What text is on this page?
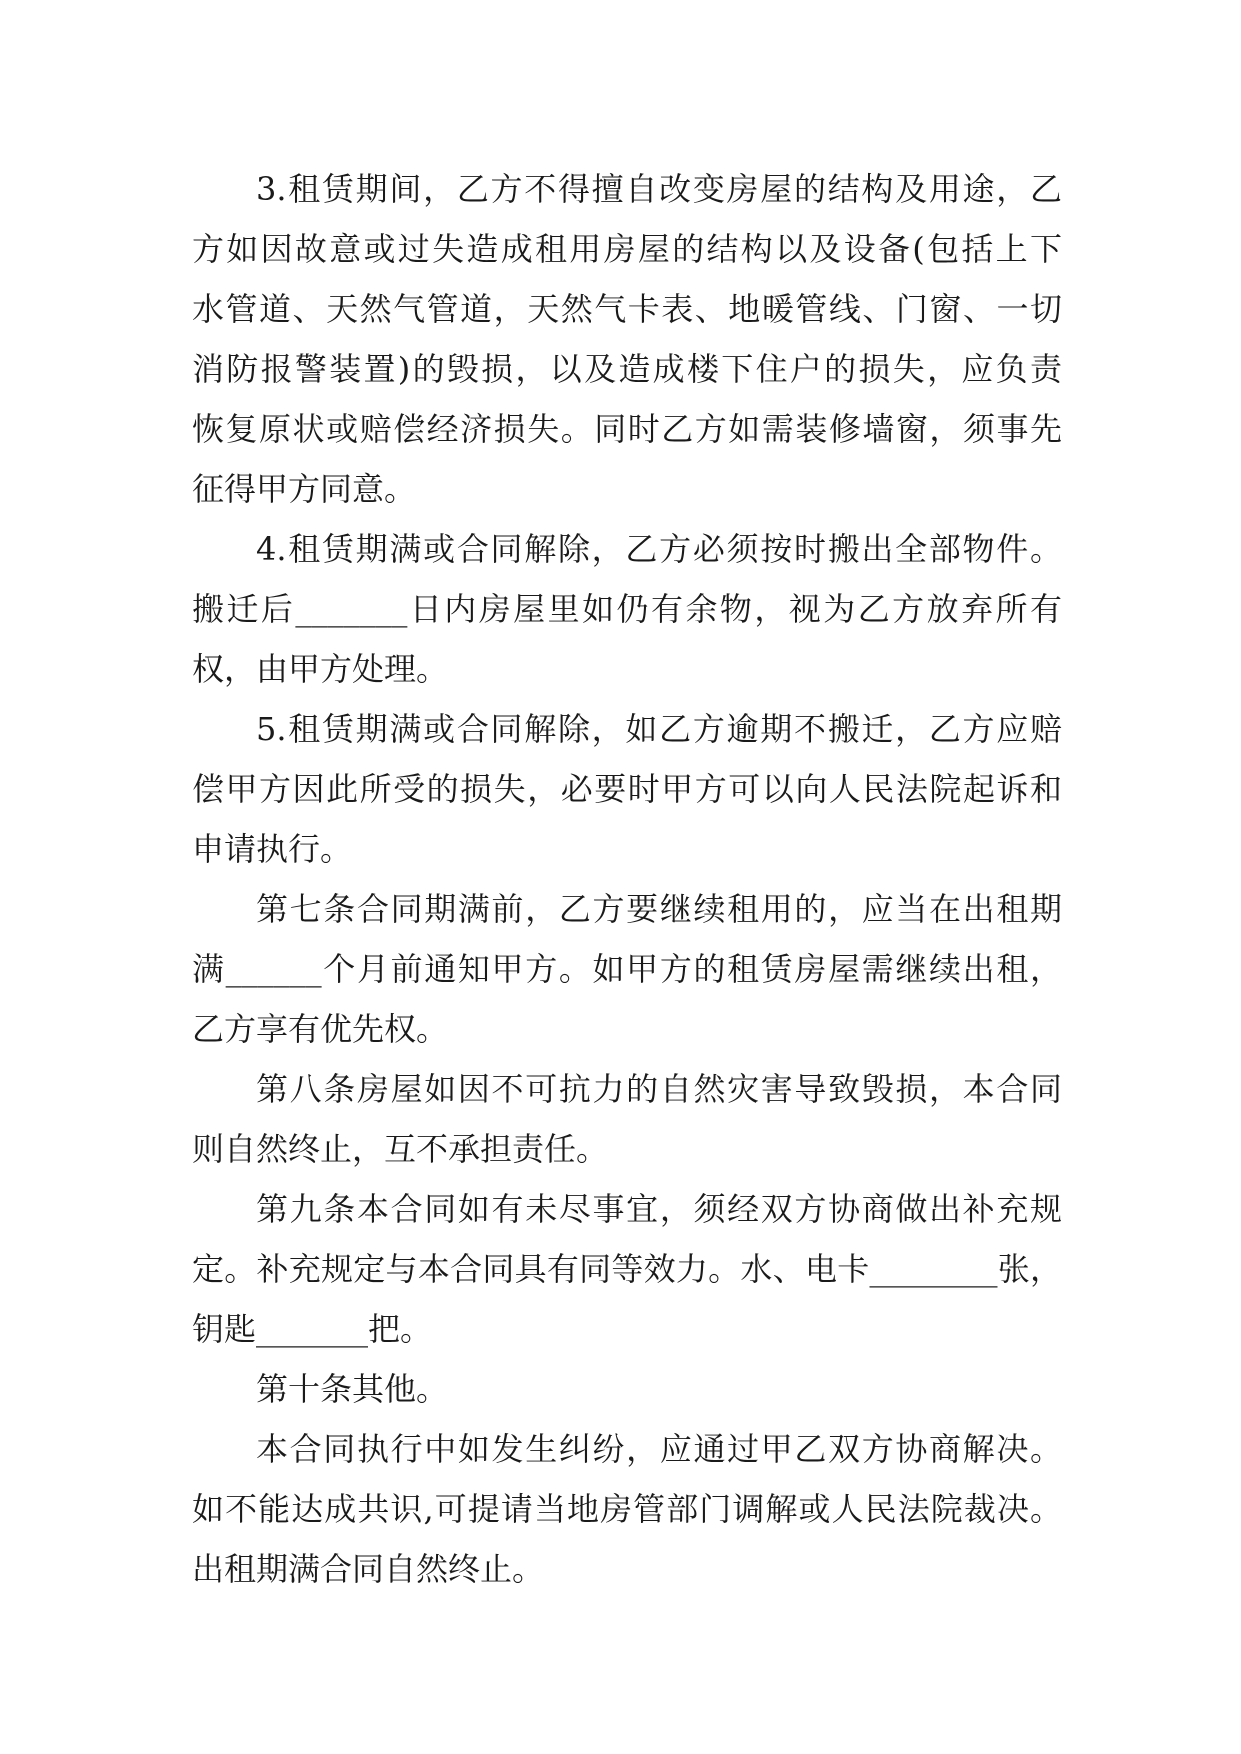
3.租赁期间，乙方不得擅自改变房屋的结构及用途，乙
方如因故意或过失造成租用房屋的结构以及设备(包括上下
水管道、天然气管道，天然气卡表、地暖管线、门窗、一切
消防报警装置)的毁损，以及造成楼下住户的损失，应负责
恢复原状或赔偿经济损失。同时乙方如需装修墙窗，须事先
征得甲方同意。
4.租赁期满或合同解除，乙方必须按时搬出全部物件。
搬迁后_______日内房屋里如仍有余物，视为乙方放弃所有
权，由甲方处理。
5.租赁期满或合同解除，如乙方逾期不搬迁，乙方应赔
偿甲方因此所受的损失，必要时甲方可以向人民法院起诉和
申请执行。
第七条合同期满前，乙方要继续租用的，应当在出租期
满______个月前通知甲方。如甲方的租赁房屋需继续出租，
乙方享有优先权。
第八条房屋如因不可抗力的自然灾害导致毁损，本合同
则自然终止，互不承担责任。
第九条本合同如有未尽事宜，须经双方协商做出补充规
定。补充规定与本合同具有同等效力。水、电卡________张，
钥匙_______把。
第十条其他。
本合同执行中如发生纠纷，应通过甲乙双方协商解决。
如不能达成共识,可提请当地房管部门调解或人民法院裁决。
出租期满合同自然终止。
